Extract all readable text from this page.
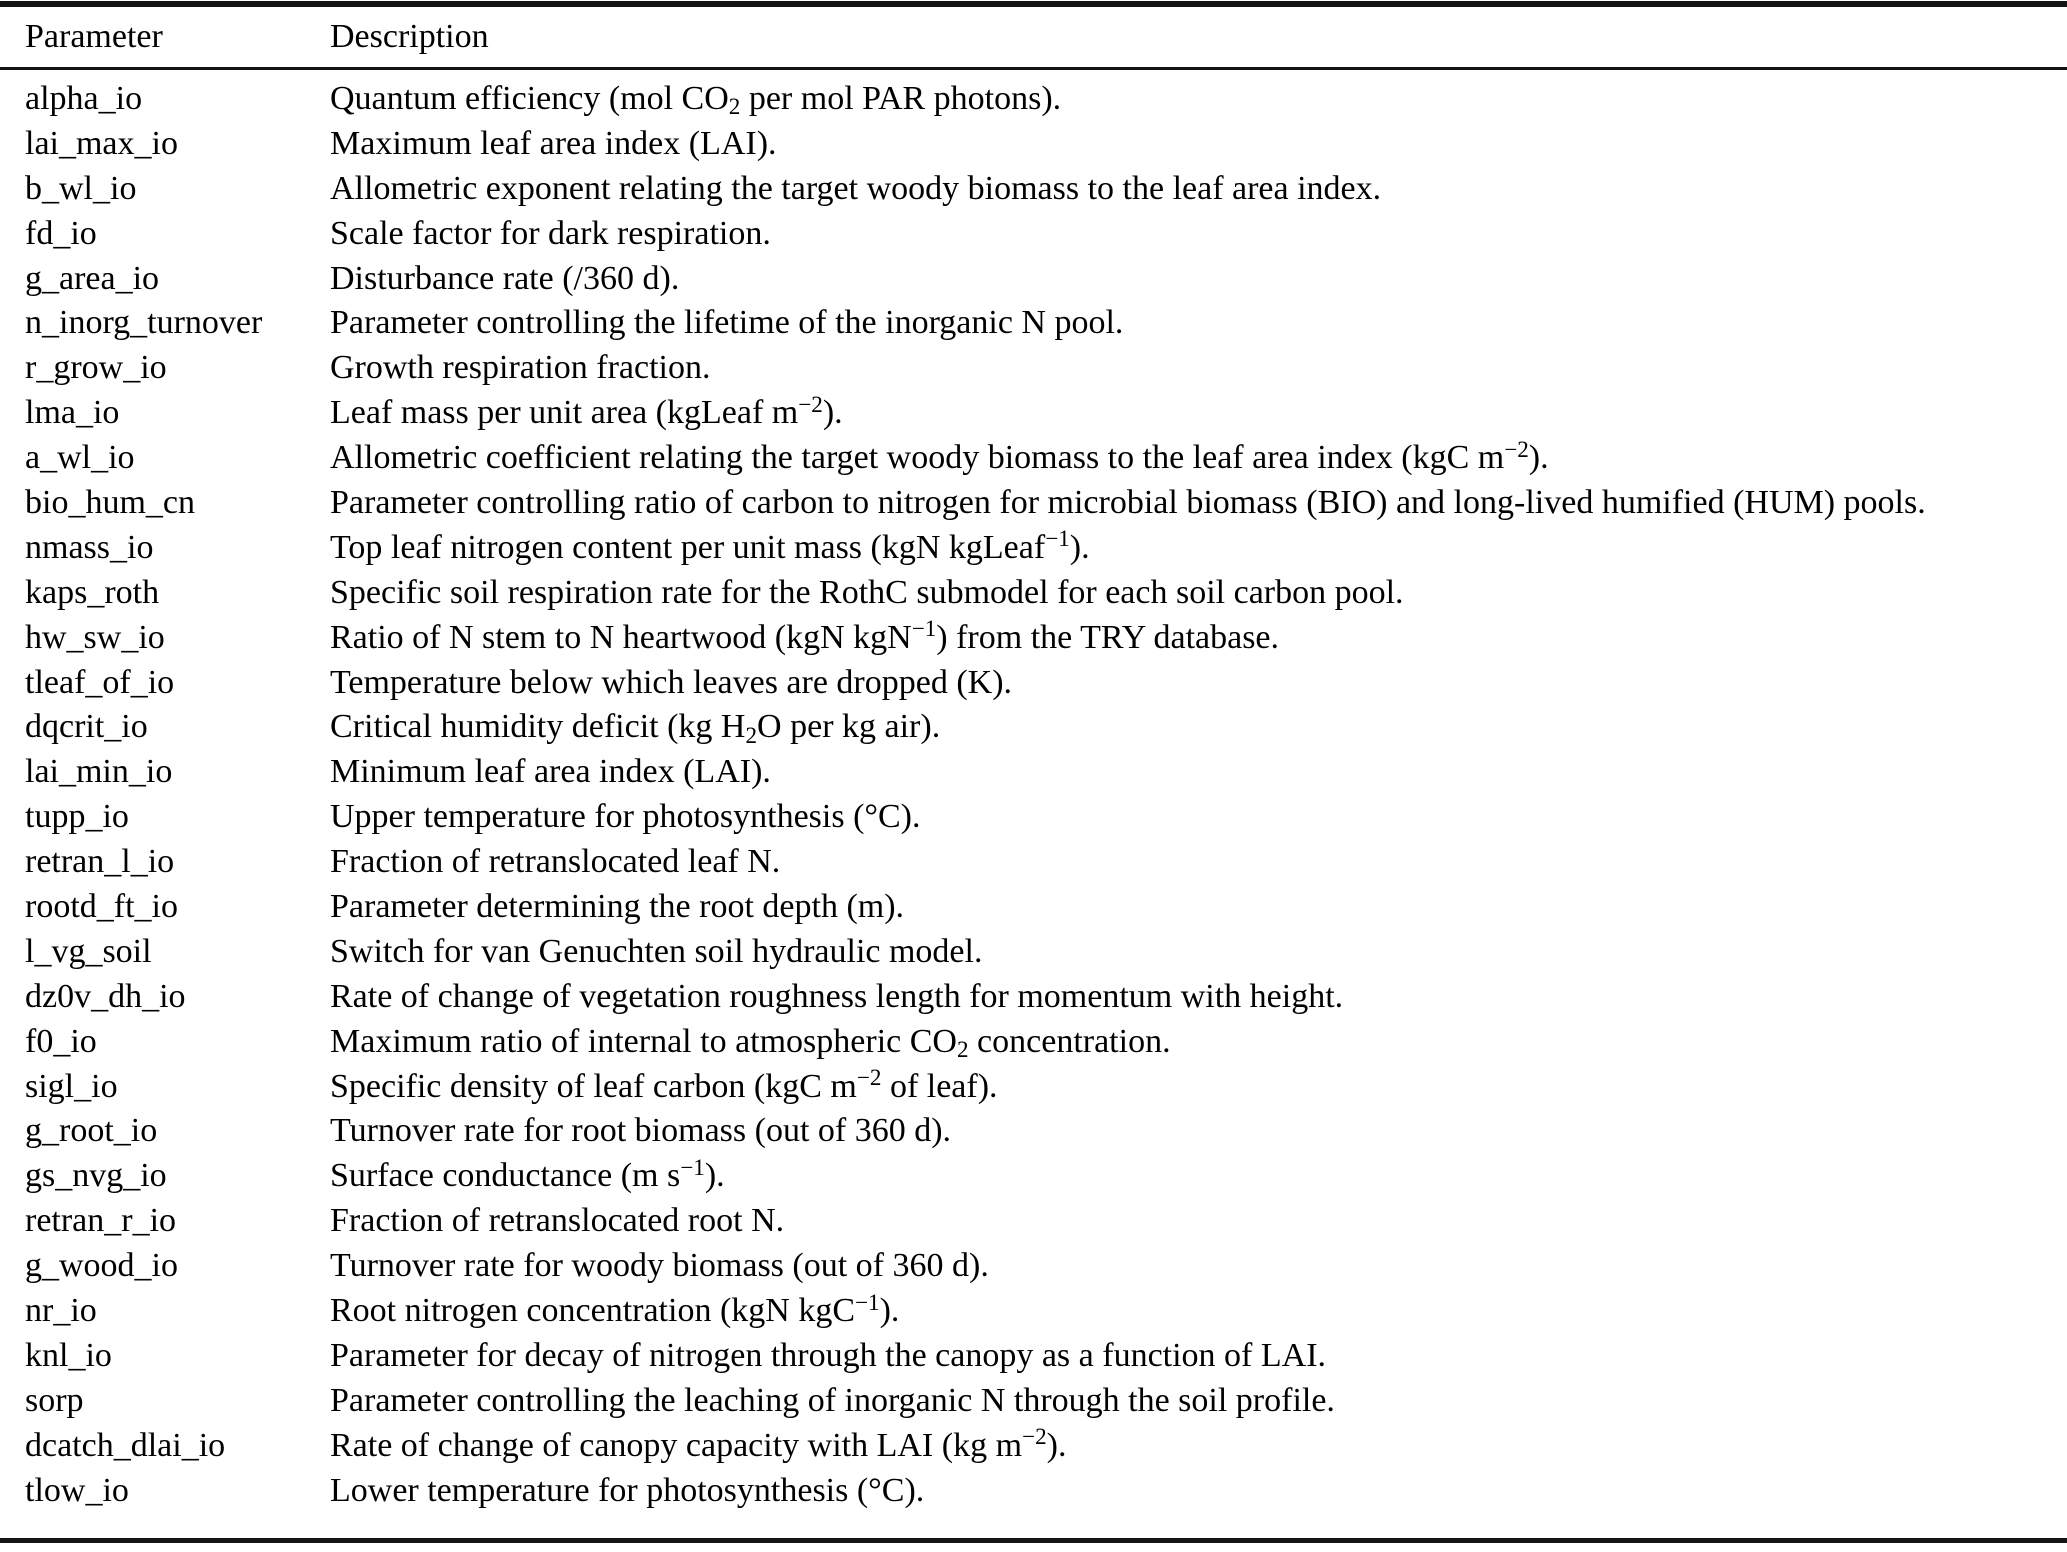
Parameter	Description
alpha_io	Quantum efficiency (mol $CO_2$ per mol PAR photons).
lai_max_io	Maximum leaf area index (LAI).
b_wl_io	Allometric exponent relating the target woody biomass to the leaf area index.
fd_io	Scale factor for dark respiration.
g_area_io	Disturbance rate (/360 d).
n_inorg_turnover	Parameter controlling the lifetime of the inorganic N pool.
r_grow_io	Growth respiration fraction.
lma_io	Leaf mass per unit area (kgLeaf $m^{-2}$).
a_wl_io	Allometric coefficient relating the target woody biomass to the leaf area index (kgC $m^{-2}$).
bio_hum_cn	Parameter controlling ratio of carbon to nitrogen for microbial biomass (BIO) and long-lived humified (HUM) pools.
nmass_io	Top leaf nitrogen content per unit mass (kgN kgLeaf$^{-1}$).
kaps_roth	Specific soil respiration rate for the RothC submodel for each soil carbon pool.
hw_sw_io	Ratio of N stem to N heartwood (kgN kgN$^{-1}$) from the TRY database.
tleaf_of_io	Temperature below which leaves are dropped (K).
dqcrit_io	Critical humidity deficit (kg $H_2O$ per kg air).
lai_min_io	Minimum leaf area index (LAI).
tupp_io	Upper temperature for photosynthesis (°C).
retran_l_io	Fraction of retranslocated leaf N.
rootd_ft_io	Parameter determining the root depth (m).
l_vg_soil	Switch for van Genuchten soil hydraulic model.
dz0v_dh_io	Rate of change of vegetation roughness length for momentum with height.
f0_io	Maximum ratio of internal to atmospheric $CO_2$ concentration.
sigl_io	Specific density of leaf carbon (kgC $m^{-2}$ of leaf).
g_root_io	Turnover rate for root biomass (out of 360 d).
gs_nvg_io	Surface conductance (m $s^{-1}$).
retran_r_io	Fraction of retranslocated root N.
g_wood_io	Turnover rate for woody biomass (out of 360 d).
nr_io	Root nitrogen concentration (kgN kgC$^{-1}$).
knl_io	Parameter for decay of nitrogen through the canopy as a function of LAI.
sorp	Parameter controlling the leaching of inorganic N through the soil profile.
dcatch_dlai_io	Rate of change of canopy capacity with LAI (kg $m^{-2}$).
tlow_io	Lower temperature for photosynthesis (°C).
